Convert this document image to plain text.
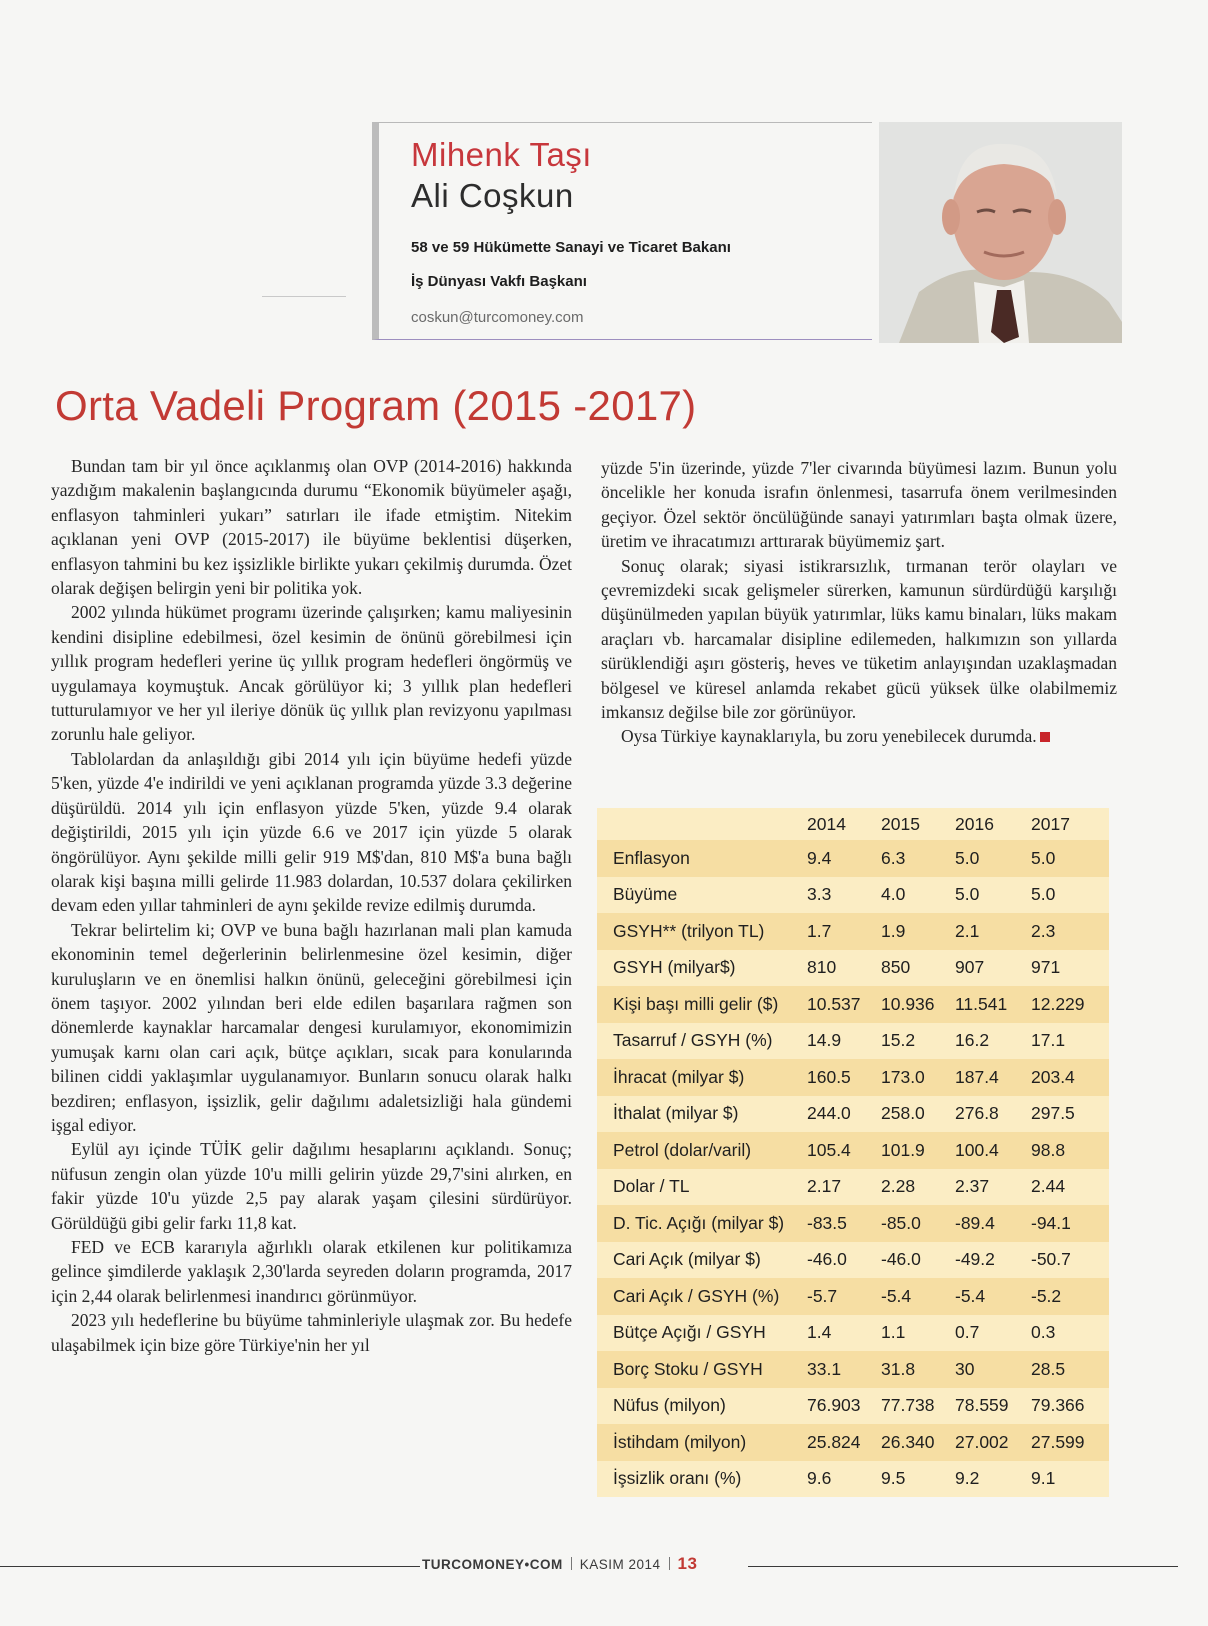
Mihenk Taşı
Ali Coşkun
58 ve 59 Hükümette Sanayi ve Ticaret Bakanı
İş Dünyası Vakfı Başkanı
coskun@turcomoney.com
Orta Vadeli Program (2015 -2017)

Bundan tam bir yıl önce açıklanmış olan OVP (2014-2016) hakkında yazdığım makalenin başlangıcında durumu “Ekonomik büyümeler aşağı, enflasyon tahminleri yukarı” satırları ile ifade etmiştim. Nitekim açıklanan yeni OVP (2015-2017) ile büyüme beklentisi düşerken, enflasyon tahmini bu kez işsizlikle birlikte yukarı çekilmiş durumda. Özet olarak değişen belirgin yeni bir politika yok.

2002 yılında hükümet programı üzerinde çalışırken; kamu maliyesinin kendini disipline edebilmesi, özel kesimin de önünü görebilmesi için yıllık program hedefleri yerine üç yıllık program hedefleri öngörmüş ve uygulamaya koymuştuk. Ancak görülüyor ki; 3 yıllık plan hedefleri tutturulamıyor ve her yıl ileriye dönük üç yıllık plan revizyonu yapılması zorunlu hale geliyor.

Tablolardan da anlaşıldığı gibi 2014 yılı için büyüme hedefi yüzde 5'ken, yüzde 4'e indirildi ve yeni açıklanan programda yüzde 3.3 değerine düşürüldü. 2014 yılı için enflasyon yüzde 5'ken, yüzde 9.4 olarak değiştirildi, 2015 yılı için yüzde 6.6 ve 2017 için yüzde 5 olarak öngörülüyor. Aynı şekilde milli gelir 919 M$'dan, 810 M$'a buna bağlı olarak kişi başına milli gelirde 11.983 dolardan, 10.537 dolara çekilirken devam eden yıllar tahminleri de aynı şekilde revize edilmiş durumda.

Tekrar belirtelim ki; OVP ve buna bağlı hazırlanan mali plan kamuda ekonominin temel değerlerinin belirlenmesine özel kesimin, diğer kuruluşların ve en önemlisi halkın önünü, geleceğini görebilmesi için önem taşıyor. 2002 yılından beri elde edilen başarılara rağmen son dönemlerde kaynaklar harcamalar dengesi kurulamıyor, ekonomimizin yumuşak karnı olan cari açık, bütçe açıkları, sıcak para konularında bilinen ciddi yaklaşımlar uygulanamıyor. Bunların sonucu olarak halkı bezdiren; enflasyon, işsizlik, gelir dağılımı adaletsizliği hala gündemi işgal ediyor.

Eylül ayı içinde TÜİK gelir dağılımı hesaplarını açıklandı. Sonuç; nüfusun zengin olan yüzde 10'u milli gelirin yüzde 29,7'sini alırken, en fakir yüzde 10'u yüzde 2,5 pay alarak yaşam çilesini sürdürüyor. Görüldüğü gibi gelir farkı 11,8 kat.

FED ve ECB kararıyla ağırlıklı olarak etkilenen kur politikamıza gelince şimdilerde yaklaşık 2,30'larda seyreden doların programda, 2017 için 2,44 olarak belirlenmesi inandırıcı görünmüyor.

2023 yılı hedeflerine bu büyüme tahminleriyle ulaşmak zor. Bu hedefe ulaşabilmek için bize göre Türkiye'nin her yıl

yüzde 5'in üzerinde, yüzde 7'ler civarında büyümesi lazım. Bunun yolu öncelikle her konuda israfın önlenmesi, tasarrufa önem verilmesinden geçiyor. Özel sektör öncülüğünde sanayi yatırımları başta olmak üzere, üretim ve ihracatımızı arttırarak büyümemiz şart.

Sonuç olarak; siyasi istikrarsızlık, tırmanan terör olayları ve çevremizdeki sıcak gelişmeler sürerken, kamunun sürdürdüğü karşılığı düşünülmeden yapılan büyük yatırımlar, lüks kamu binaları, lüks makam araçları vb. harcamalar disipline edilemeden, halkımızın son yıllarda sürüklendiği aşırı gösteriş, heves ve tüketim anlayışından uzaklaşmadan bölgesel ve küresel anlamda rekabet gücü yüksek ülke olabilmemiz imkansız değilse bile zor görünüyor.

Oysa Türkiye kaynaklarıyla, bu zoru yenebilecek durumda.

	2014	2015	2016	2017
Enflasyon	9.4	6.3	5.0	5.0
Büyüme	3.3	4.0	5.0	5.0
GSYH** (trilyon TL)	1.7	1.9	2.1	2.3
GSYH (milyar$)	810	850	907	971
Kişi başı milli gelir ($)	10.537	10.936	11.541	12.229
Tasarruf / GSYH (%)	14.9	15.2	16.2	17.1
İhracat (milyar $)	160.5	173.0	187.4	203.4
İthalat (milyar $)	244.0	258.0	276.8	297.5
Petrol (dolar/varil)	105.4	101.9	100.4	98.8
Dolar / TL	2.17	2.28	2.37	2.44
D. Tic. Açığı (milyar $)	-83.5	-85.0	-89.4	-94.1
Cari Açık (milyar $)	-46.0	-46.0	-49.2	-50.7
Cari Açık / GSYH (%)	-5.7	-5.4	-5.4	-5.2
Bütçe Açığı / GSYH	1.4	1.1	0.7	0.3
Borç Stoku / GSYH	33.1	31.8	30	28.5
Nüfus (milyon)	76.903	77.738	78.559	79.366
İstihdam (milyon)	25.824	26.340	27.002	27.599
İşsizlik oranı (%)	9.6	9.5	9.2	9.1
TURCOMONEY•COM KASIM 2014 13
